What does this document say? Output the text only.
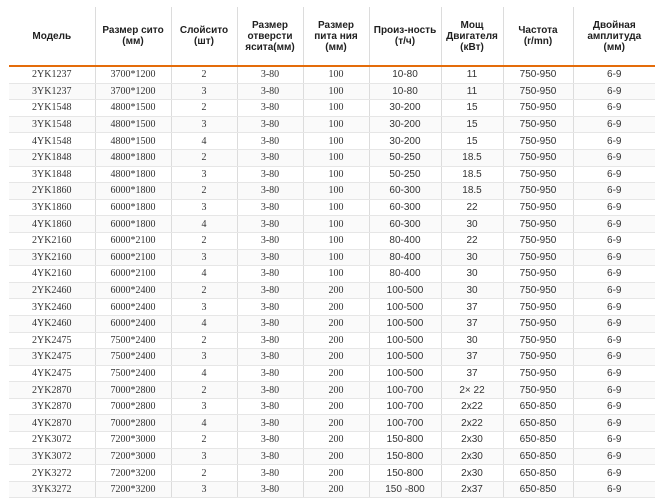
Модель	Размер сито (мм)	Слойсито (шт)	Размер отверсти ясита(мм)	Размер пита ния (мм)	Произ-ность (т/ч)	Мощ Двигателя (кВт)	Частота (r/mn)	Двойная амплитуда (мм)
2YK1237	3700*1200	2	3-80	100	10-80	11	750-950	6-9
3YK1237	3700*1200	3	3-80	100	10-80	11	750-950	6-9
2YK1548	4800*1500	2	3-80	100	30-200	15	750-950	6-9
3YK1548	4800*1500	3	3-80	100	30-200	15	750-950	6-9
4YK1548	4800*1500	4	3-80	100	30-200	15	750-950	6-9
2YK1848	4800*1800	2	3-80	100	50-250	18.5	750-950	6-9
3YK1848	4800*1800	3	3-80	100	50-250	18.5	750-950	6-9
2YK1860	6000*1800	2	3-80	100	60-300	18.5	750-950	6-9
3YK1860	6000*1800	3	3-80	100	60-300	22	750-950	6-9
4YK1860	6000*1800	4	3-80	100	60-300	30	750-950	6-9
2YK2160	6000*2100	2	3-80	100	80-400	22	750-950	6-9
3YK2160	6000*2100	3	3-80	100	80-400	30	750-950	6-9
4YK2160	6000*2100	4	3-80	100	80-400	30	750-950	6-9
2YK2460	6000*2400	2	3-80	200	100-500	30	750-950	6-9
3YK2460	6000*2400	3	3-80	200	100-500	37	750-950	6-9
4YK2460	6000*2400	4	3-80	200	100-500	37	750-950	6-9
2YK2475	7500*2400	2	3-80	200	100-500	30	750-950	6-9
3YK2475	7500*2400	3	3-80	200	100-500	37	750-950	6-9
4YK2475	7500*2400	4	3-80	200	100-500	37	750-950	6-9
2YK2870	7000*2800	2	3-80	200	100-700	2× 22	750-950	6-9
3YK2870	7000*2800	3	3-80	200	100-700	2x22	650-850	6-9
4YK2870	7000*2800	4	3-80	200	100-700	2x22	650-850	6-9
2YK3072	7200*3000	2	3-80	200	150-800	2x30	650-850	6-9
3YK3072	7200*3000	3	3-80	200	150-800	2x30	650-850	6-9
2YK3272	7200*3200	2	3-80	200	150-800	2x30	650-850	6-9
3YK3272	7200*3200	3	3-80	200	150 -800	2x37	650-850	6-9
